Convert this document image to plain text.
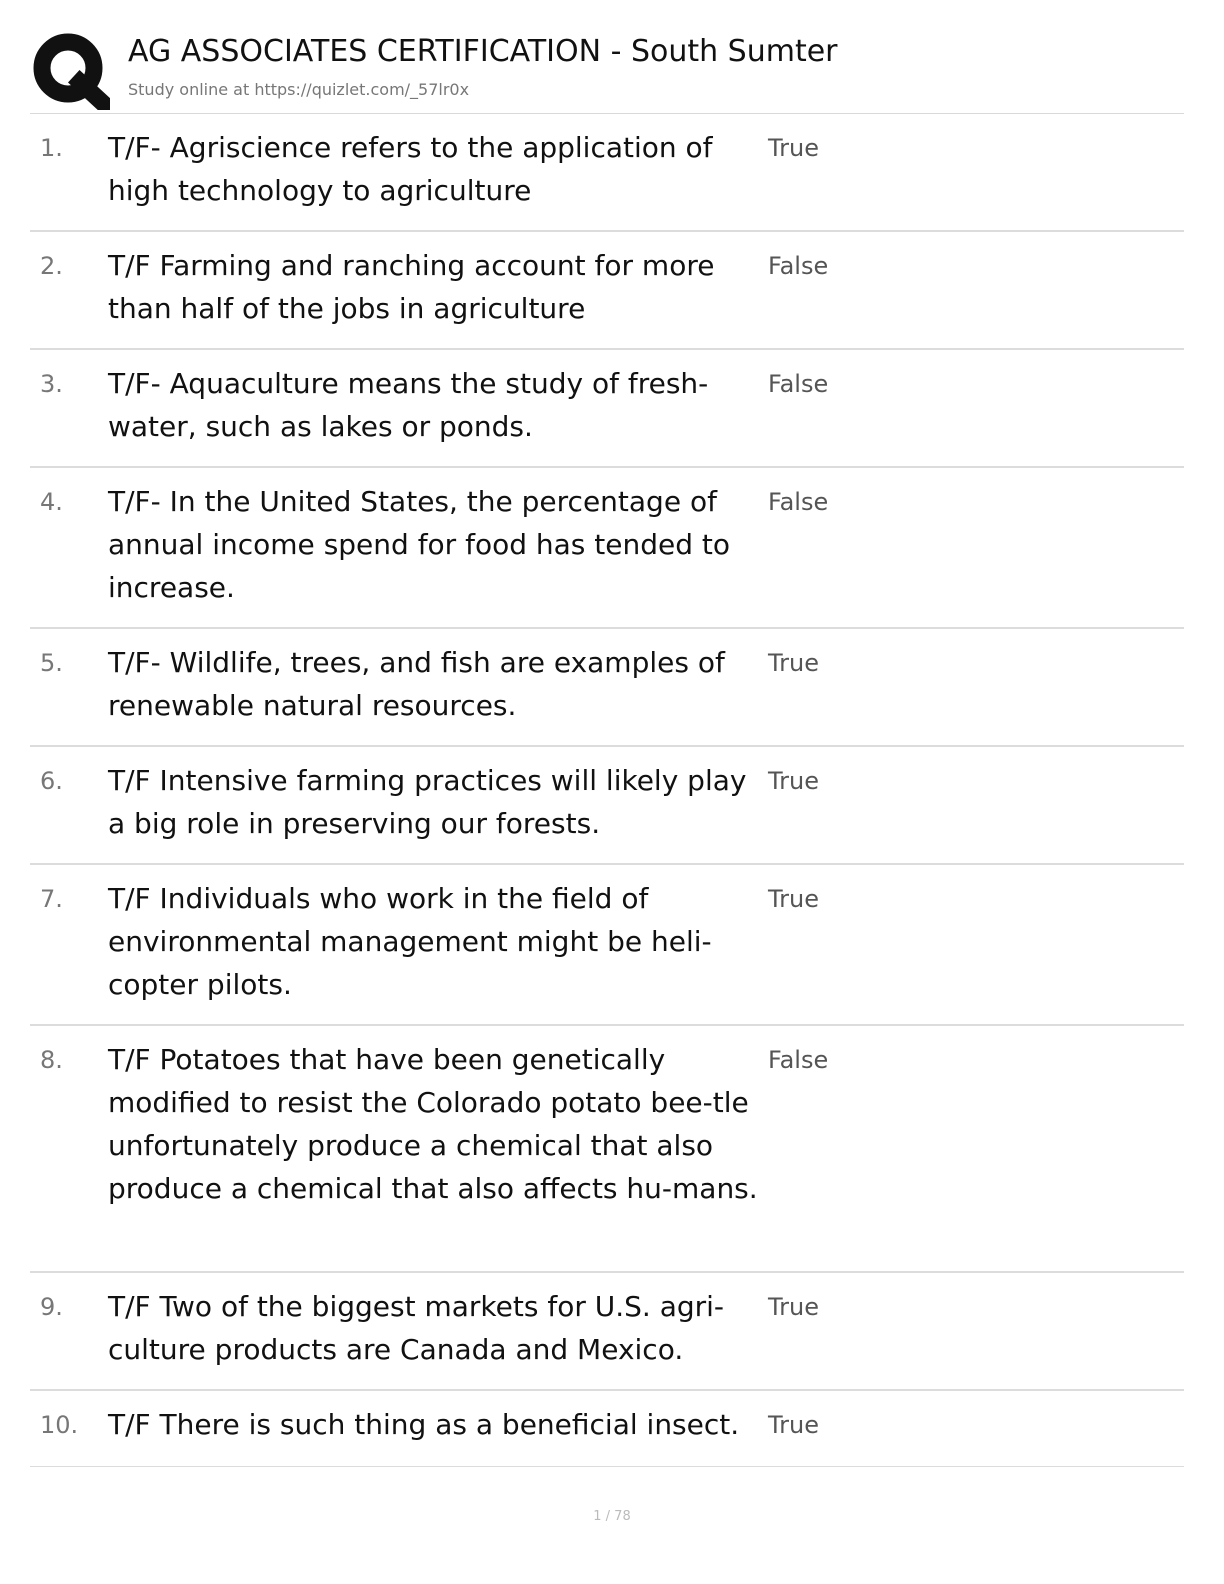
AG ASSOCIATES CERTIFICATION - South Sumter
Study online at https://quizlet.com/_57lr0x
1. T/F- Agriscience refers to the application of high technology to agriculture
True
2. T/F Farming and ranching account for more than half of the jobs in agriculture
False
3. T/F- Aquaculture means the study of fresh-water, such as lakes or ponds.
False
4. T/F- In the United States, the percentage of annual income spend for food has tended to increase.
False
5. T/F- Wildlife, trees, and fish are examples of renewable natural resources.
True
6. T/F Intensive farming practices will likely play a big role in preserving our forests.
True
7. T/F Individuals who work in the field of environmental management might be heli-copter pilots.
True
8. T/F Potatoes that have been genetically modified to resist the Colorado potato bee-tle unfortunately produce a chemical that also produce a chemical that also affects hu-mans.
False
9. T/F Two of the biggest markets for U.S. agri-culture products are Canada and Mexico.
True
10. T/F There is such thing as a beneficial insect.	True
1 / 78
